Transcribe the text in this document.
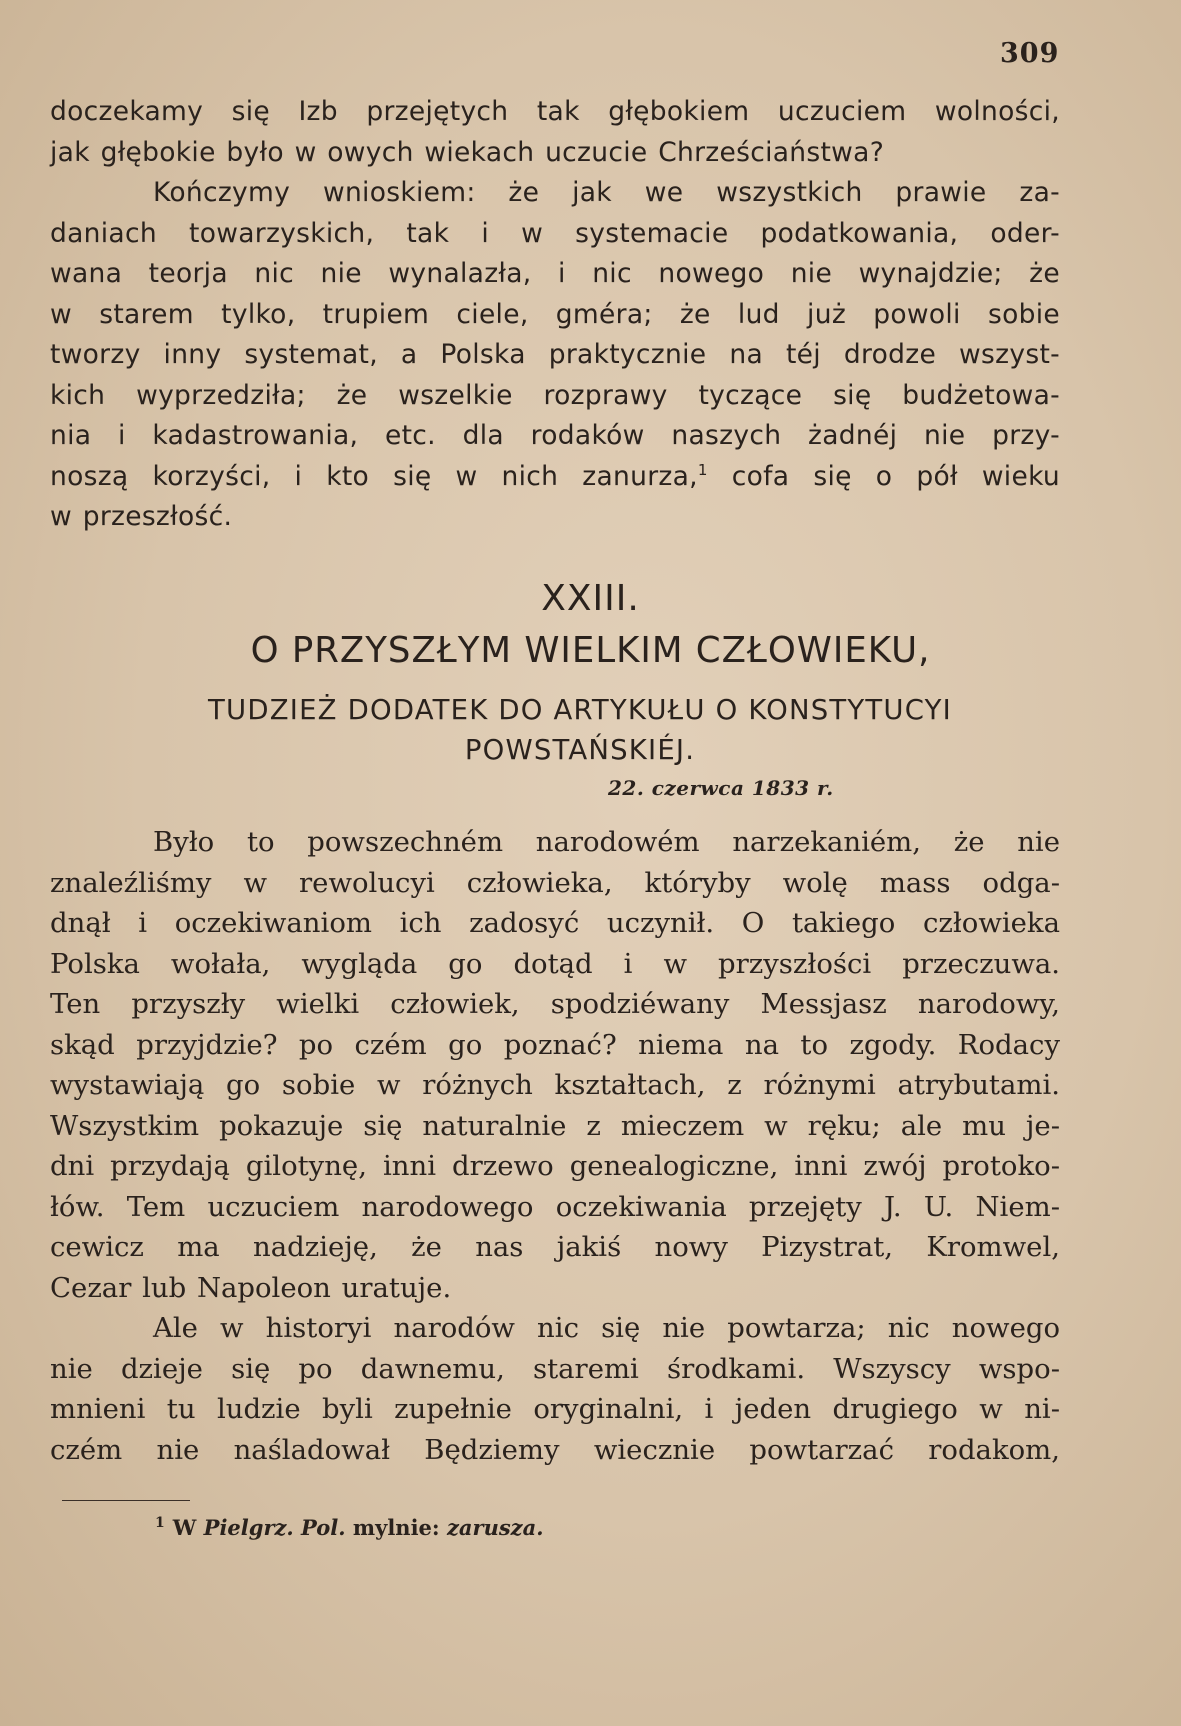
309
doczekamy się Izb przejętych tak głębokiem uczuciem wolności,
jak głębokie było w owych wiekach uczucie Chrześciaństwa?
Kończymy wnioskiem: że jak we wszystkich prawie za-
daniach towarzyskich, tak i w systemacie podatkowania, oder-
wana teorja nic nie wynalazła, i nic nowego nie wynajdzie; że
w starem tylko, trupiem ciele, gméra; że lud już powoli sobie
tworzy inny systemat, a Polska praktycznie na téj drodze wszyst-
kich wyprzedziła; że wszelkie rozprawy tyczące się budżetowa-
nia i kadastrowania, etc. dla rodaków naszych żadnéj nie przy-
noszą korzyści, i kto się w nich zanurza,$^1$ cofa się o pół wieku
w przeszłość.
XXIII.
O PRZYSZŁYM WIELKIM CZŁOWIEKU,
TUDZIEŻ DODATEK DO ARTYKUŁU O KONSTYTUCYI
POWSTAŃSKIÉJ.
22. czerwca 1833 r.
Było to powszechném narodowém narzekaniém, że nie
znaleźliśmy w rewolucyi człowieka, któryby wolę mass odga-
dnął i oczekiwaniom ich zadosyć uczynił. O takiego człowieka
Polska wołała, wygląda go dotąd i w przyszłości przeczuwa.
Ten przyszły wielki człowiek, spodziéwany Messjasz narodowy,
skąd przyjdzie? po czém go poznać? niema na to zgody. Rodacy
wystawiają go sobie w różnych kształtach, z różnymi atrybutami.
Wszystkim pokazuje się naturalnie z mieczem w ręku; ale mu je-
dni przydają gilotynę, inni drzewo genealogiczne, inni zwój protoko-
łów. Tem uczuciem narodowego oczekiwania przejęty J. U. Niem-
cewicz ma nadzieję, że nas jakiś nowy Pizystrat, Kromwel,
Cezar lub Napoleon uratuje.
Ale w historyi narodów nic się nie powtarza; nic nowego
nie dzieje się po dawnemu, staremi środkami. Wszyscy wspo-
mnieni tu ludzie byli zupełnie oryginalni, i jeden drugiego w ni-
czém nie naśladował Będziemy wiecznie powtarzać rodakom,
$^1$ W Pielgrz. Pol. mylnie: zarusza.
